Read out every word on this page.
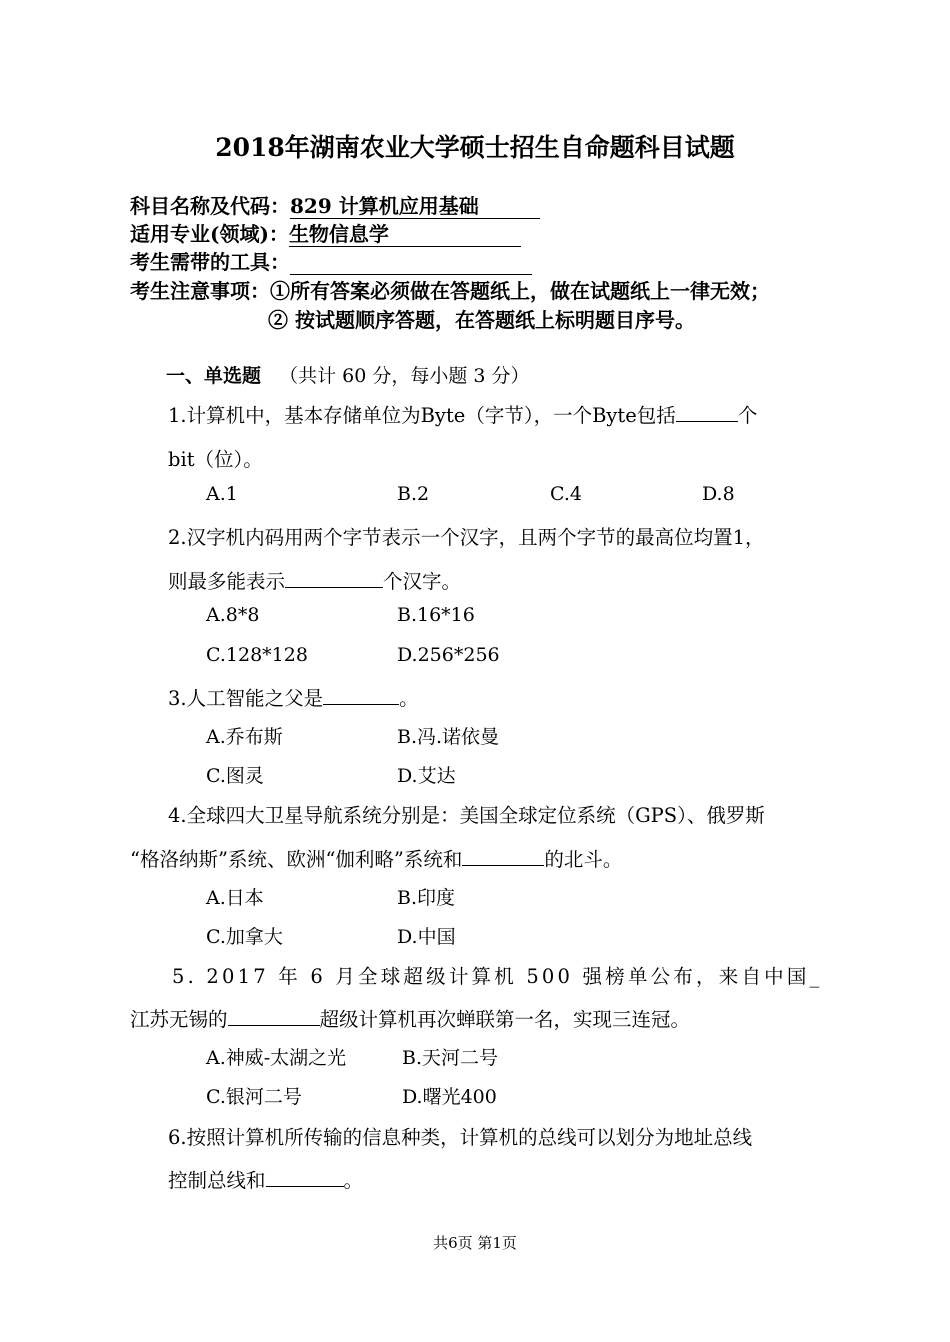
2018年湖南农业大学硕士招生自命题科目试题
科目名称及代码：829 计算机应用基础
适用专业(领域)：生物信息学
考生需带的工具：
考生注意事项：①所有答案必须做在答题纸上，做在试题纸上一律无效；
② 按试题顺序答题，在答题纸上标明题目序号。
一、单选题 （共计 60 分，每小题 3 分）
1.计算机中，基本存储单位为Byte（字节），一个Byte包括	个
bit（位）。
A.1	B.2	C.4	D.8
2.汉字机内码用两个字节表示一个汉字，且两个字节的最高位均置1，
则最多能表示	个汉字。
A.8*8	B.16*16
C.128*128	D.256*256
3.人工智能之父是	。
A.乔布斯	B.冯.诺依曼
C.图灵	D.艾达
4.全球四大卫星导航系统分别是：美国全球定位系统（GPS）、俄罗斯
“格洛纳斯”系统、欧洲“伽利略”系统和	的北斗。
A.日本	B.印度
C.加拿大	D.中国
5. 2017 年 6 月全球超级计算机 500 强榜单公布，来自中国_
江苏无锡的	超级计算机再次蝉联第一名，实现三连冠。
A.神威-太湖之光	B.天河二号
C.银河二号	D.曙光400
6.按照计算机所传输的信息种类，计算机的总线可以划分为地址总线
控制总线和	。
共6页 第1页
